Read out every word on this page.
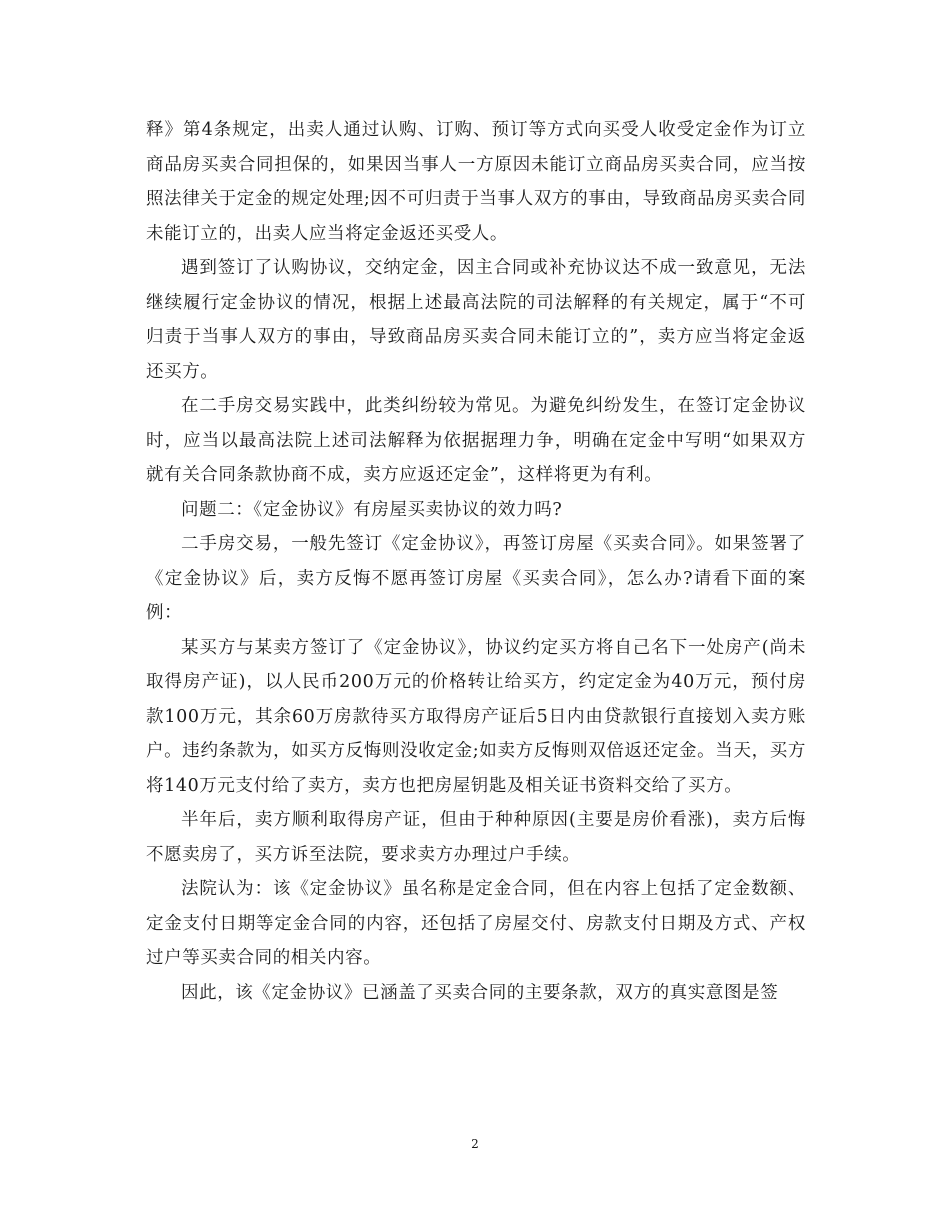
释》第4条规定，出卖人通过认购、订购、预订等方式向买受人收受定金作为订立商品房买卖合同担保的，如果因当事人一方原因未能订立商品房买卖合同，应当按照法律关于定金的规定处理;因不可归责于当事人双方的事由，导致商品房买卖合同未能订立的，出卖人应当将定金返还买受人。

遇到签订了认购协议，交纳定金，因主合同或补充协议达不成一致意见，无法继续履行定金协议的情况，根据上述最高法院的司法解释的有关规定，属于“不可归责于当事人双方的事由，导致商品房买卖合同未能订立的”，卖方应当将定金返还买方。

在二手房交易实践中，此类纠纷较为常见。为避免纠纷发生，在签订定金协议时，应当以最高法院上述司法解释为依据据理力争，明确在定金中写明“如果双方就有关合同条款协商不成，卖方应返还定金”，这样将更为有利。

问题二：《定金协议》有房屋买卖协议的效力吗?

二手房交易，一般先签订《定金协议》，再签订房屋《买卖合同》。如果签署了《定金协议》后，卖方反悔不愿再签订房屋《买卖合同》，怎么办?请看下面的案例：

某买方与某卖方签订了《定金协议》，协议约定买方将自己名下一处房产(尚未取得房产证)，以人民币200万元的价格转让给买方，约定定金为40万元，预付房款100万元，其余60万房款待买方取得房产证后5日内由贷款银行直接划入卖方账户。违约条款为，如买方反悔则没收定金;如卖方反悔则双倍返还定金。当天，买方将140万元支付给了卖方，卖方也把房屋钥匙及相关证书资料交给了买方。

半年后，卖方顺利取得房产证，但由于种种原因(主要是房价看涨)，卖方后悔不愿卖房了，买方诉至法院，要求卖方办理过户手续。

法院认为：该《定金协议》虽名称是定金合同，但在内容上包括了定金数额、定金支付日期等定金合同的内容，还包括了房屋交付、房款支付日期及方式、产权过户等买卖合同的相关内容。

因此，该《定金协议》已涵盖了买卖合同的主要条款，双方的真实意图是签

2
